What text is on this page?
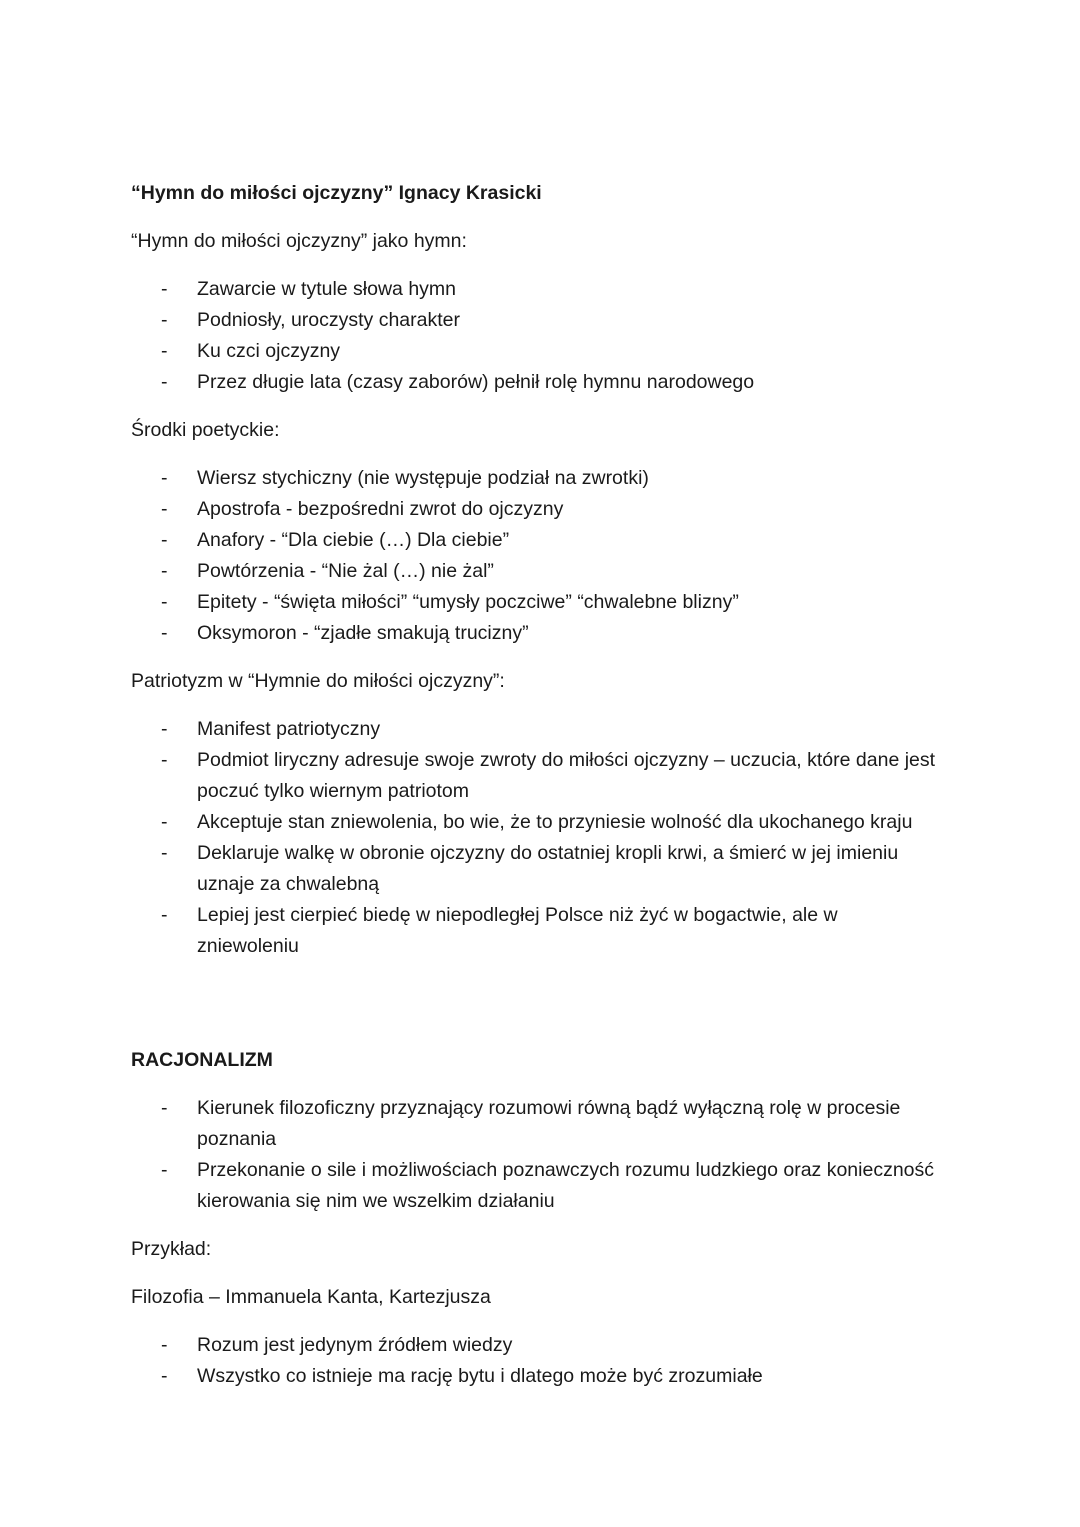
“Hymn do miłości ojczyzny” Ignacy Krasicki
“Hymn do miłości ojczyzny” jako hymn:
- Zawarcie w tytule słowa hymn
- Podniosły, uroczysty charakter
- Ku czci ojczyzny
- Przez długie lata (czasy zaborów) pełnił rolę hymnu narodowego
Środki poetyckie:
- Wiersz stychiczny (nie występuje podział na zwrotki)
- Apostrofa - bezpośredni zwrot do ojczyzny
- Anafory - “Dla ciebie (…) Dla ciebie”
- Powtórzenia - “Nie żal (…) nie żal”
- Epitety - “święta miłości” “umysły poczciwe” “chwalebne blizny”
- Oksymoron - “zjadłe smakują trucizny”
Patriotyzm w “Hymnie do miłości ojczyzny”:
- Manifest patriotyczny
- Podmiot liryczny adresuje swoje zwroty do miłości ojczyzny – uczucia, które dane jest poczuć tylko wiernym patriotom
- Akceptuje stan zniewolenia, bo wie, że to przyniesie wolność dla ukochanego kraju
- Deklaruje walkę w obronie ojczyzny do ostatniej kropli krwi, a śmierć w jej imieniu uznaje za chwalebną
- Lepiej jest cierpieć biedę w niepodległej Polsce niż żyć w bogactwie, ale w zniewoleniu
RACJONALIZM
- Kierunek filozoficzny przyznający rozumowi równą bądź wyłączną rolę w procesie poznania
- Przekonanie o sile i możliwościach poznawczych rozumu ludzkiego oraz konieczność kierowania się nim we wszelkim działaniu
Przykład:
Filozofia – Immanuela Kanta, Kartezjusza
- Rozum jest jedynym źródłem wiedzy
- Wszystko co istnieje ma rację bytu i dlatego może być zrozumiałe
